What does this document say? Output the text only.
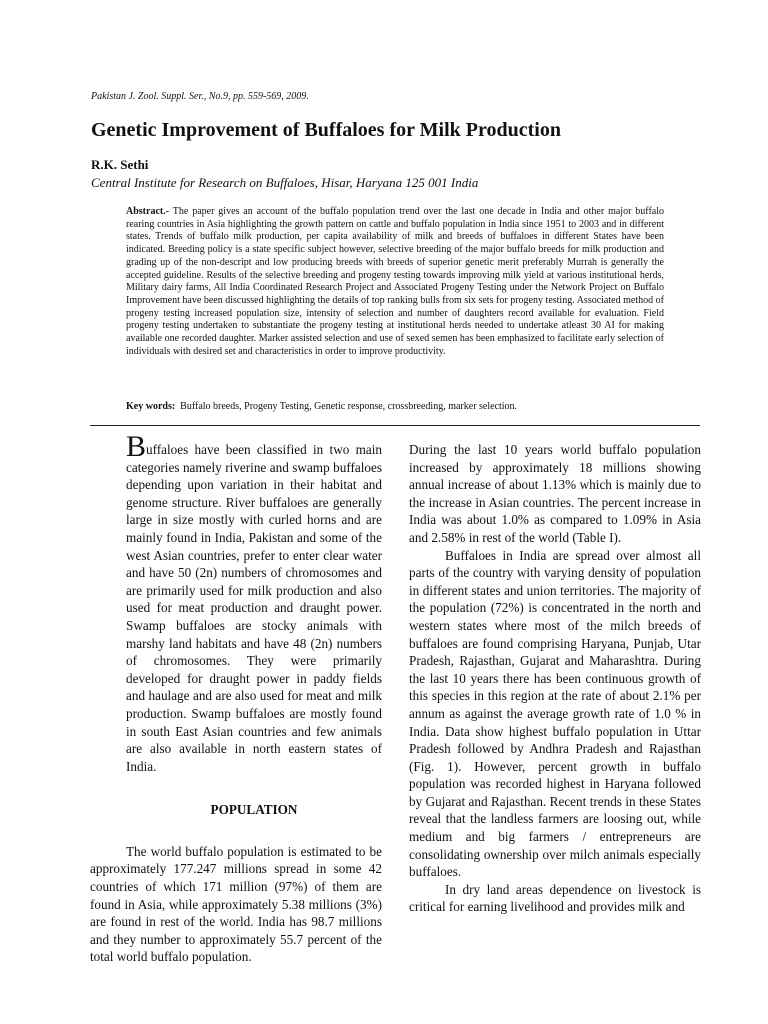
Pakistan J. Zool. Suppl. Ser., No.9, pp. 559-569, 2009.
Genetic Improvement of Buffaloes for Milk Production
R.K. Sethi
Central Institute for Research on Buffaloes, Hisar, Haryana 125 001 India

Abstract.- The paper gives an account of the buffalo population trend over the last one decade in India and other major buffalo rearing countries in Asia highlighting the growth pattern on cattle and buffalo population in India since 1951 to 2003 and in different states. Trends of buffalo milk production, per capita availability of milk and breeds of buffaloes in different States have been indicated. Breeding policy is a state specific subject however, selective breeding of the major buffalo breeds for milk production and grading up of the non-descript and low producing breeds with breeds of superior genetic merit preferably Murrah is generally the accepted guideline. Results of the selective breeding and progeny testing towards improving milk yield at various institutional herds, Military dairy farms, All India Coordinated Research Project and Associated Progeny Testing under the Network Project on Buffalo Improvement have been discussed highlighting the details of top ranking bulls from six sets for progeny testing. Associated method of progeny testing increased population size, intensity of selection and number of daughters record available for evaluation. Field progeny testing undertaken to substantiate the progeny testing at institutional herds needed to undertake atleast 30 AI for making available one recorded daughter. Marker assisted selection and use of sexed semen has been emphasized to facilitate early selection of individuals with desired set and characteristics in order to improve productivity.

Key words: Buffalo breeds, Progeny Testing, Genetic response, crossbreeding, marker selection.

Buffaloes have been classified in two main categories namely riverine and swamp buffaloes depending upon variation in their habitat and genome structure. River buffaloes are generally large in size mostly with curled horns and are mainly found in India, Pakistan and some of the west Asian countries, prefer to enter clear water and have 50 (2n) numbers of chromosomes and are primarily used for milk production and also used for meat production and draught power. Swamp buffaloes are stocky animals with marshy land habitats and have 48 (2n) numbers of chromosomes. They were primarily developed for draught power in paddy fields and haulage and are also used for meat and milk production. Swamp buffaloes are mostly found in south East Asian countries and few animals are also available in north eastern states of India.

POPULATION

The world buffalo population is estimated to be approximately 177.247 millions spread in some 42 countries of which 171 million (97%) of them are found in Asia, while approximately 5.38 millions (3%) are found in rest of the world. India has 98.7 millions and they number to approximately 55.7 percent of the total world buffalo population.

During the last 10 years world buffalo population increased by approximately 18 millions showing annual increase of about 1.13% which is mainly due to the increase in Asian countries. The percent increase in India was about 1.0% as compared to 1.09% in Asia and 2.58% in rest of the world (Table I).

Buffaloes in India are spread over almost all parts of the country with varying density of population in different states and union territories. The majority of the population (72%) is concentrated in the north and western states where most of the milch breeds of buffaloes are found comprising Haryana, Punjab, Utar Pradesh, Rajasthan, Gujarat and Maharashtra. During the last 10 years there has been continuous growth of this species in this region at the rate of about 2.1% per annum as against the average growth rate of 1.0 % in India. Data show highest buffalo population in Uttar Pradesh followed by Andhra Pradesh and Rajasthan (Fig. 1). However, percent growth in buffalo population was recorded highest in Haryana followed by Gujarat and Rajasthan. Recent trends in these States reveal that the landless farmers are loosing out, while medium and big farmers / entrepreneurs are consolidating ownership over milch animals especially buffaloes.

In dry land areas dependence on livestock is critical for earning livelihood and provides milk and
